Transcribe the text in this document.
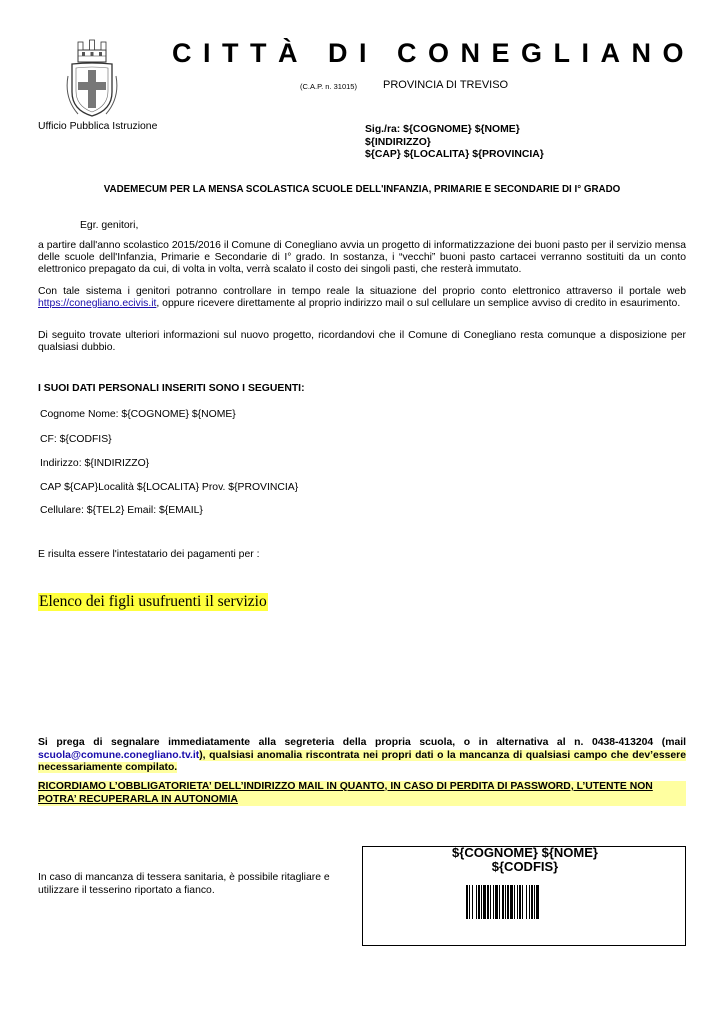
CITTÀ DI CONEGLIANO
(C.A.P. n. 31015) PROVINCIA DI TREVISO
Ufficio Pubblica Istruzione	Sig./ra: ${COGNOME} ${NOME}
${INDIRIZZO}
${CAP} ${LOCALITA} ${PROVINCIA}
VADEMECUM PER LA MENSA SCOLASTICA SCUOLE DELL'INFANZIA, PRIMARIE E SECONDARIE DI I° GRADO
Egr. genitori,

a partire dall'anno scolastico 2015/2016 il Comune di Conegliano avvia un progetto di informatizzazione dei buoni pasto per il servizio mensa delle scuole dell'Infanzia, Primarie e Secondarie di I° grado. In sostanza, i “vecchi” buoni pasto cartacei verranno sostituiti da un conto elettronico prepagato da cui, di volta in volta, verrà scalato il costo dei singoli pasti, che resterà immutato.

Con tale sistema i genitori potranno controllare in tempo reale la situazione del proprio conto elettronico attraverso il portale web https://conegliano.ecivis.it, oppure ricevere direttamente al proprio indirizzo mail o sul cellulare un semplice avviso di credito in esaurimento.

Di seguito trovate ulteriori informazioni sul nuovo progetto, ricordandovi che il Comune di Conegliano resta comunque a disposizione per qualsiasi dubbio.

I SUOI DATI PERSONALI INSERITI SONO I SEGUENTI:
Cognome Nome: ${COGNOME} ${NOME}
CF: ${CODFIS}
Indirizzo: ${INDIRIZZO}
CAP ${CAP}Località ${LOCALITA} Prov. ${PROVINCIA}
Cellulare: ${TEL2} Email: ${EMAIL}
E risulta essere l'intestatario dei pagamenti per :
Elenco dei figli usufruenti il servizio
Si prega di segnalare immediatamente alla segreteria della propria scuola, o in alternativa al n. 0438-413204 (mail scuola@comune.conegliano.tv.it), qualsiasi anomalia riscontrata nei propri dati o la mancanza di qualsiasi campo che dev’essere necessariamente compilato.
RICORDIAMO L’OBBLIGATORIETA’ DELL’INDIRIZZO MAIL IN QUANTO, IN CASO DI PERDITA DI PASSWORD, L’UTENTE NON POTRA’ RECUPERARLA IN AUTONOMIA
In caso di mancanza di tessera sanitaria, è possibile ritagliare e utilizzare il tesserino riportato a fianco.
${COGNOME} ${NOME}
${CODFIS}
